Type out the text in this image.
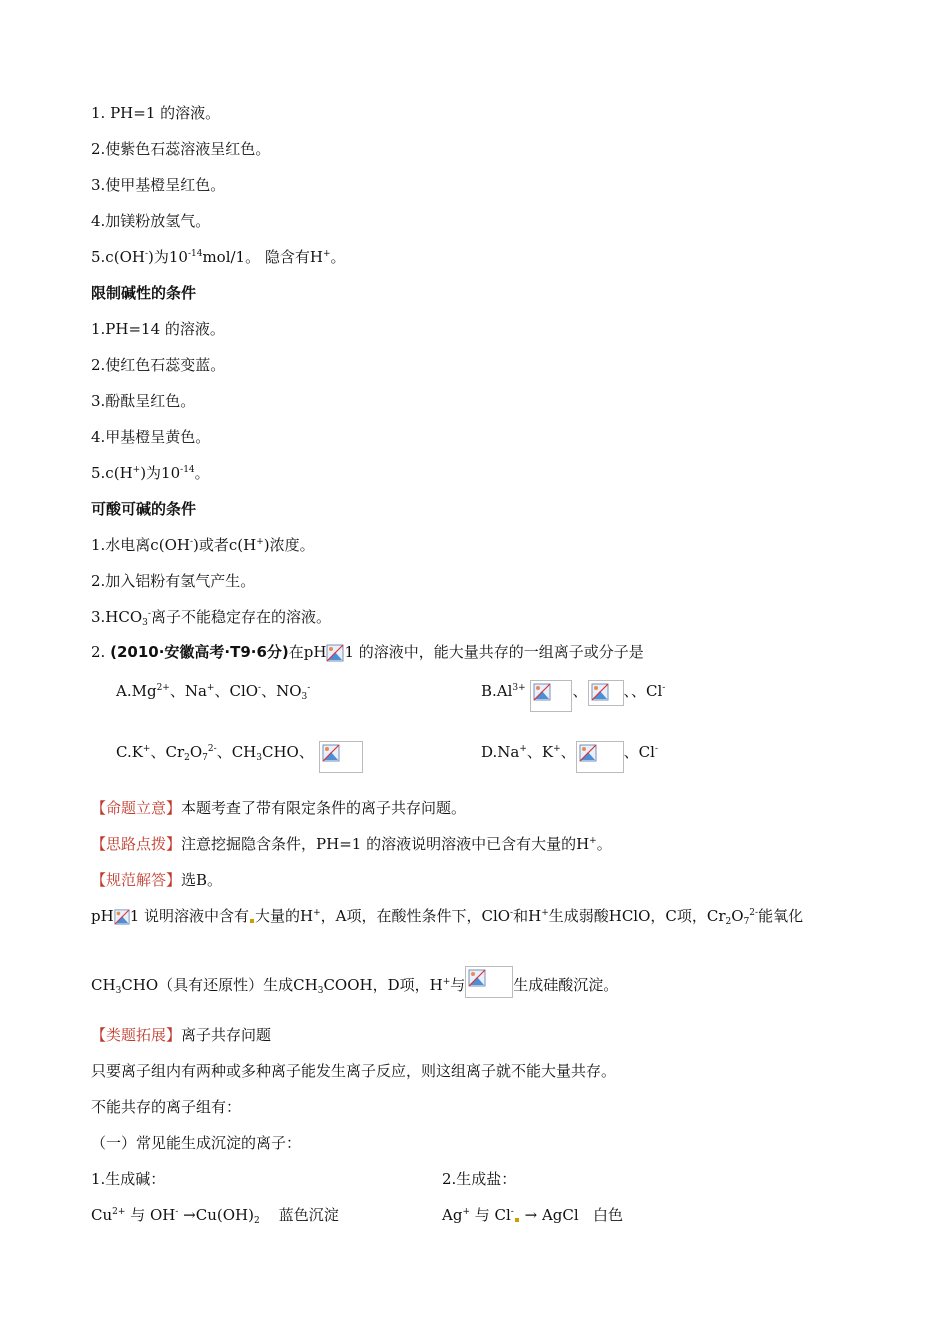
1. PH=1 的溶液。
2.使紫色石蕊溶液呈红色。
3.使甲基橙呈红色。
4.加镁粉放氢气。
5.c(OH-)为$10^{-14}mol/1$。 隐含有H+。
限制碱性的条件
1.PH=14 的溶液。
2.使红色石蕊变蓝。
3.酚酞呈红色。
4.甲基橙呈黄色。
5.c(H+)为$10^{-14}$。
可酸可碱的条件
1.水电离c(OH-)或者c(H+)浓度。
2.加入铝粉有氢气产生。
$3.HCO_3^-$离子不能稳定存在的溶液。
2. (2010·安徽高考·T9·6分)在pH 1 的溶液中，能大量共存的一组离子或分子是
$A.Mg^{2+}$、Na+、ClO-、$NO_3^-$	$B.Al^{3+}$	、 、、Cl-
C.K+、$Cr_2O_7^{2-}$、$CH_3CHO$、	D.Na+、K+、	、Cl-
【命题立意】本题考查了带有限定条件的离子共存问题。
【思路点拨】注意挖掘隐含条件，PH=1 的溶液说明溶液中已含有大量的H+。
【规范解答】选B。
pH 1 说明溶液中含有 大量的H+，A项，在酸性条件下，ClO-和H+生成弱酸HClO，C项，$Cr_2O_7^{2-}$能氧化
$CH_3CHO$（具有还原性）生成$CH_3COOH$，D项，H+与	生成硅酸沉淀。
【类题拓展】离子共存问题
只要离子组内有两种或多种离子能发生离子反应，则这组离子就不能大量共存。
不能共存的离子组有：
（一）常见能生成沉淀的离子：
1.生成碱：	2.生成盐：
$Cu^{2+}$ 与 $OH^- \to Cu(OH)_2$ 蓝色沉淀	Ag+ 与 Cl- → AgCl 白色
